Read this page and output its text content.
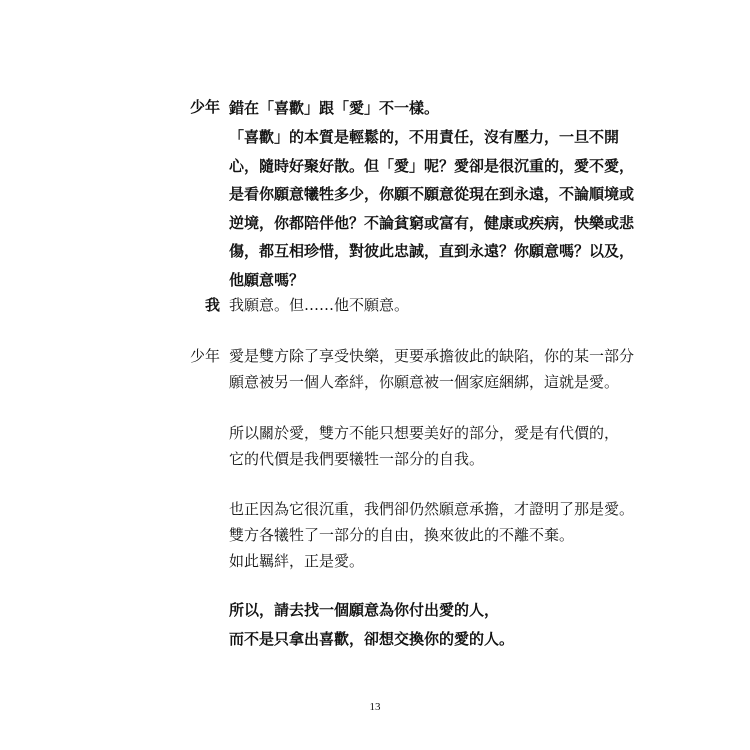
少年 錯在「喜歡」跟「愛」不一樣。
「喜歡」的本質是輕鬆的，不用責任，沒有壓力，一旦不開
心，隨時好聚好散。但「愛」呢？愛卻是很沉重的，愛不愛，
是看你願意犧牲多少，你願不願意從現在到永遠，不論順境或
逆境，你都陪伴他？不論貧窮或富有，健康或疾病，快樂或悲
傷，都互相珍惜，對彼此忠誠，直到永遠？你願意嗎？以及，
他願意嗎？
我 我願意。但……他不願意。
少年 愛是雙方除了享受快樂，更要承擔彼此的缺陷，你的某一部分
願意被另一個人牽絆，你願意被一個家庭綑綁，這就是愛。
所以關於愛，雙方不能只想要美好的部分，愛是有代價的，
它的代價是我們要犧牲一部分的自我。
也正因為它很沉重，我們卻仍然願意承擔，才證明了那是愛。
雙方各犧牲了一部分的自由，換來彼此的不離不棄。
如此羈絆，正是愛。
所以，請去找一個願意為你付出愛的人，
而不是只拿出喜歡，卻想交換你的愛的人。
13
